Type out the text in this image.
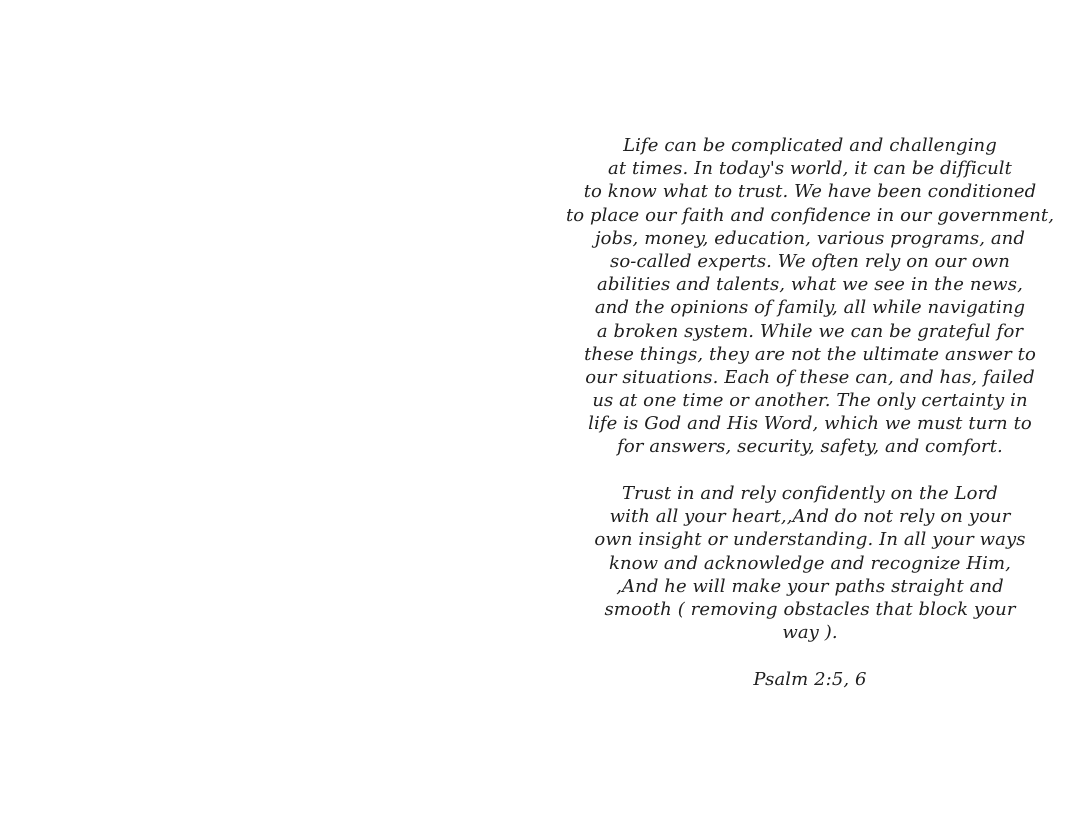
Life can be complicated and challenging
at times. In today's world, it can be difficult
to know what to trust. We have been conditioned
to place our faith and confidence in our government,
jobs, money, education, various programs, and
so-called experts. We often rely on our own
abilities and talents, what we see in the news,
and the opinions of family, all while navigating
a broken system. While we can be grateful for
these things, they are not the ultimate answer to
our situations. Each of these can, and has, failed
us at one time or another. The only certainty in
life is God and His Word, which we must turn to
for answers, security, safety, and comfort.
Trust in and rely confidently on the Lord
with all your heart,,And do not rely on your
own insight or understanding. In all your ways
know and acknowledge and recognize Him,
,And he will make your paths straight and
smooth ( removing obstacles that block your
way ).
Psalm 2:5, 6
